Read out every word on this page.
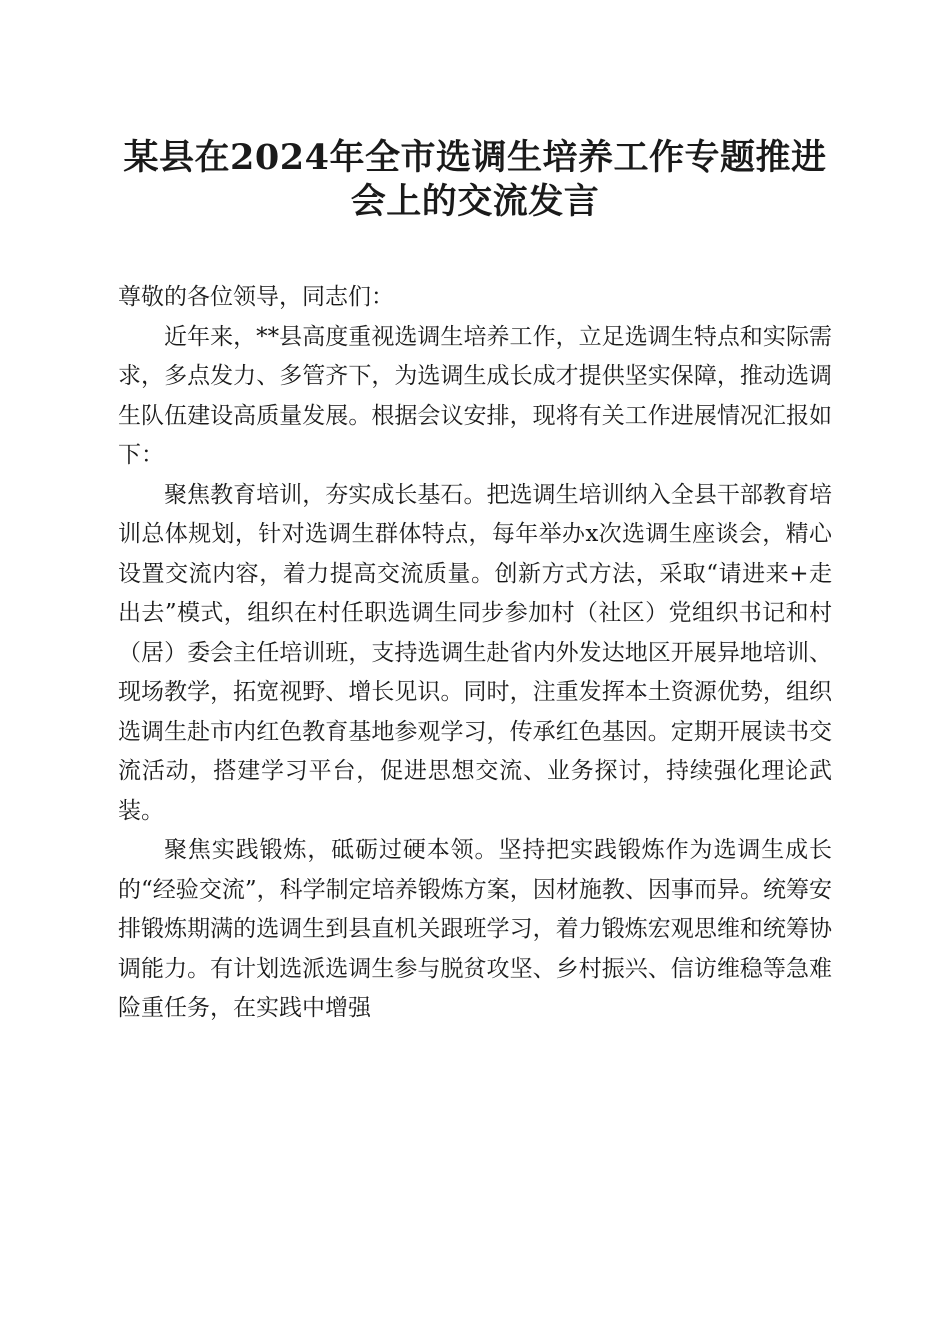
某县在2024年全市选调生培养工作专题推进
会上的交流发言

尊敬的各位领导，同志们：

近年来，**县高度重视选调生培养工作，立足选调生特点和实际需求，多点发力、多管齐下，为选调生成长成才提供坚实保障，推动选调生队伍建设高质量发展。根据会议安排，现将有关工作进展情况汇报如下：

聚焦教育培训，夯实成长基石。把选调生培训纳入全县干部教育培训总体规划，针对选调生群体特点，每年举办x次选调生座谈会，精心设置交流内容，着力提高交流质量。创新方式方法，采取“请进来+走出去”模式，组织在村任职选调生同步参加村（社区）党组织书记和村（居）委会主任培训班，支持选调生赴省内外发达地区开展异地培训、现场教学，拓宽视野、增长见识。同时，注重发挥本土资源优势，组织选调生赴市内红色教育基地参观学习，传承红色基因。定期开展读书交流活动，搭建学习平台，促进思想交流、业务探讨，持续强化理论武装。

聚焦实践锻炼，砥砺过硬本领。坚持把实践锻炼作为选调生成长的“经验交流”，科学制定培养锻炼方案，因材施教、因事而异。统筹安排锻炼期满的选调生到县直机关跟班学习，着力锻炼宏观思维和统筹协调能力。有计划选派选调生参与脱贫攻坚、乡村振兴、信访维稳等急难险重任务，在实践中增强
